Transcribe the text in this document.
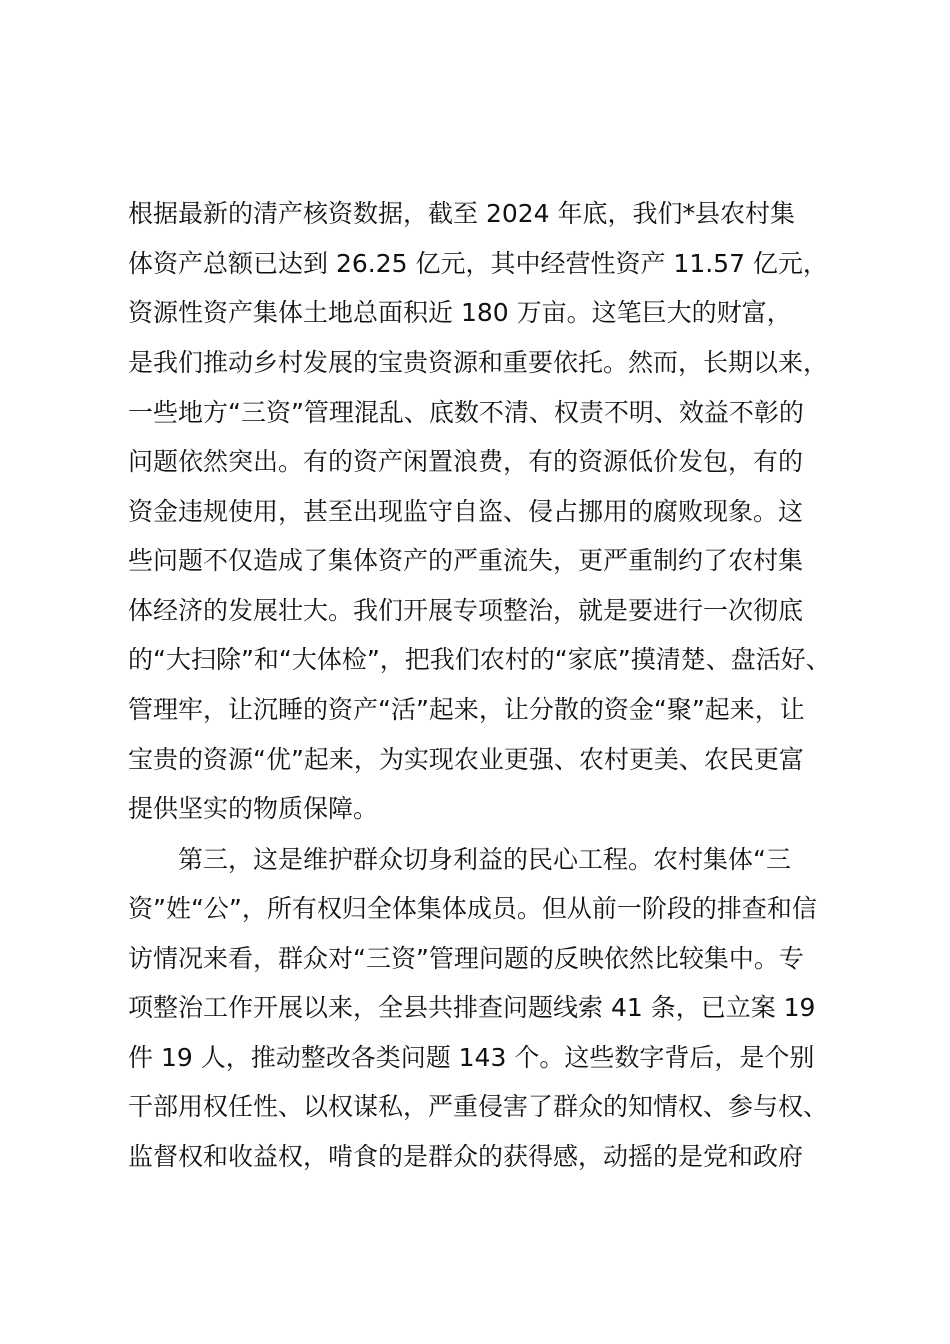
根据最新的清产核资数据，截至 2024 年底，我们*县农村集
体资产总额已达到 26.25 亿元，其中经营性资产 11.57 亿元，
资源性资产集体土地总面积近 180 万亩。这笔巨大的财富，
是我们推动乡村发展的宝贵资源和重要依托。然而，长期以来，
一些地方“三资”管理混乱、底数不清、权责不明、效益不彰的
问题依然突出。有的资产闲置浪费，有的资源低价发包，有的
资金违规使用，甚至出现监守自盗、侵占挪用的腐败现象。这
些问题不仅造成了集体资产的严重流失，更严重制约了农村集
体经济的发展壮大。我们开展专项整治，就是要进行一次彻底
的“大扫除”和“大体检”，把我们农村的“家底”摸清楚、盘活好、
管理牢，让沉睡的资产“活”起来，让分散的资金“聚”起来，让
宝贵的资源“优”起来，为实现农业更强、农村更美、农民更富
提供坚实的物质保障。
第三，这是维护群众切身利益的民心工程。农村集体“三
资”姓“公”，所有权归全体集体成员。但从前一阶段的排查和信
访情况来看，群众对“三资”管理问题的反映依然比较集中。专
项整治工作开展以来，全县共排查问题线索 41 条，已立案 19
件 19 人，推动整改各类问题 143 个。这些数字背后，是个别
干部用权任性、以权谋私，严重侵害了群众的知情权、参与权、
监督权和收益权，啃食的是群众的获得感，动摇的是党和政府
